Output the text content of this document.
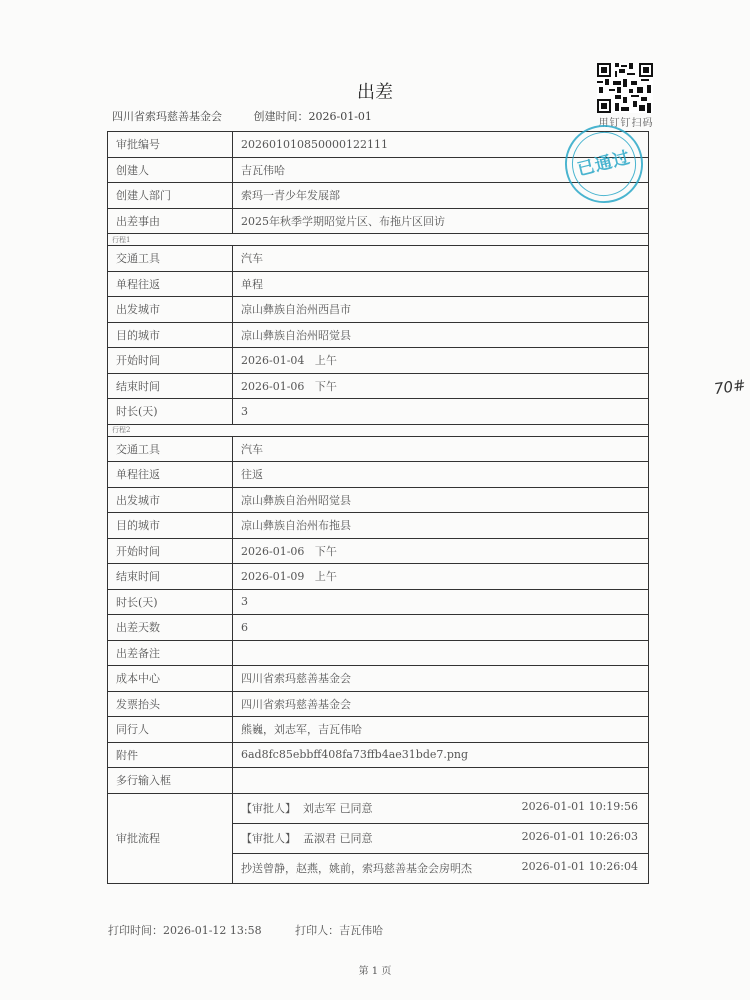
出差
四川省索玛慈善基金会	创建时间：2026-01-01
用钉钉扫码
审批编号	202601010850000122111
创建人	吉瓦伟哈
创建人部门	索玛一青少年发展部
出差事由	2025年秋季学期昭觉片区、布拖片区回访
行程1	
交通工具	汽车
单程往返	单程
出发城市	凉山彝族自治州西昌市
目的城市	凉山彝族自治州昭觉县
开始时间	2026-01-04   上午
结束时间	2026-01-06   下午
时长(天)	3
行程2	
交通工具	汽车
单程往返	往返
出发城市	凉山彝族自治州昭觉县
目的城市	凉山彝族自治州布拖县
开始时间	2026-01-06   下午
结束时间	2026-01-09   上午
时长(天)	3
出差天数	6
出差备注	
成本中心	四川省索玛慈善基金会
发票抬头	四川省索玛慈善基金会
同行人	熊巍，刘志军，吉瓦伟哈
附件	6ad8fc85ebbff408fa73ffb4ae31bde7.png
多行输入框	
审批流程	【审批人】  刘志军 已同意 2026-01-01 10:19:56

	【审批人】  孟淑君 已同意 2026-01-01 10:26:03

	抄送曾静，赵燕，姚前，索玛慈善基金会房明杰 2026-01-01 10:26:04
已通过
70#
打印时间：2026-01-12 13:58	打印人：吉瓦伟哈
第 1 页
